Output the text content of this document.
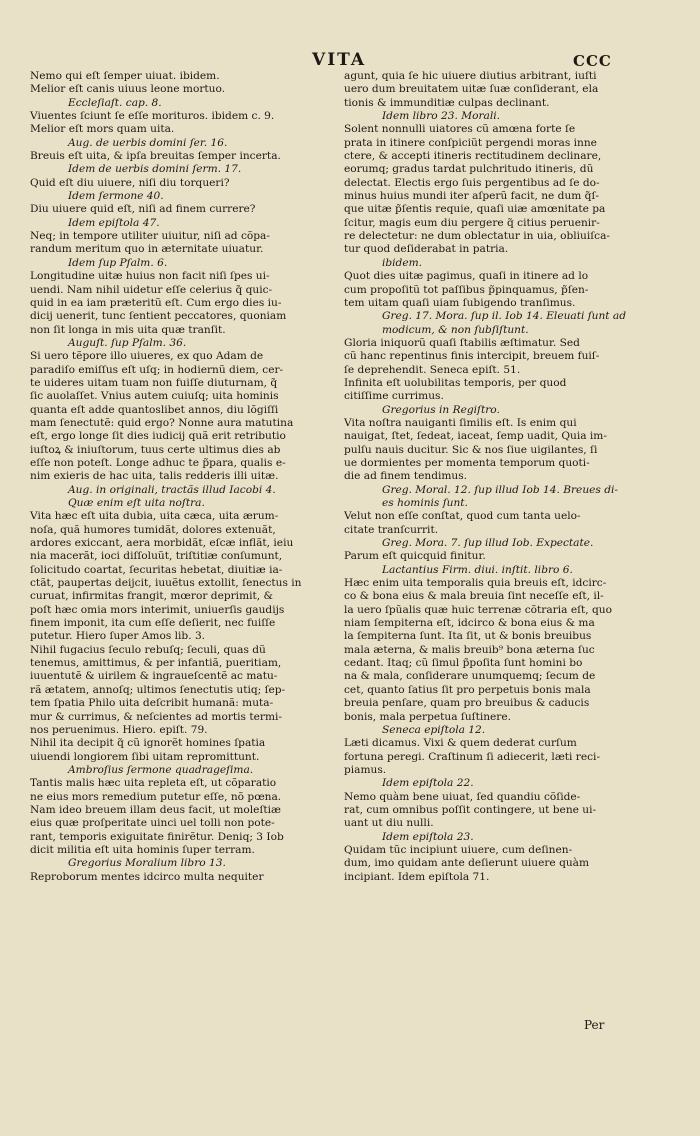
VITA	CCC
Nemo qui eſt ſemper uiuat. ibidem.
Melior eſt canis uiuus leone mortuo.
Eccleſiaſt. cap. 8.
Viuentes ſciunt ſe eſſe morituros. ibidem c. 9.
Melior eſt mors quam uita.
Aug. de uerbis domini ſer. 16.
Breuis eſt uita, & ipſa breuitas ſemper incerta.
Idem de uerbis domini ſerm. 17.
Quid eſt diu uiuere, niſi diu torqueri?
Idem ſermone 40.
Diu uiuere quid eſt, niſi ad finem currere?
Idem epiſtola 47.
Neq; in tempore utiliter uiuitur, niſi ad cõpa-
randum meritum quo in æternitate uiuatur.
Idem ſup Pſalm. 6.
Longitudine uitæ huius non facit niſi ſpes ui-
uendi. Nam nihil uidetur eſſe celerius q̃ quic-
quid in ea iam præteritũ eſt. Cum ergo dies iu-
dicij uenerit, tunc ſentient peccatores, quoniam
non ſit longa in mis uita quæ tranſit.
Auguſt. ſup Pſalm. 36.
Si uero tẽpore illo uiueres, ex quo Adam de
paradiſo emiſſus eſt uſq; in hodiernũ diem, cer-
te uideres uitam tuam non fuiſſe diuturnam, q̃
ſic auolaſſet. Vnius autem cuiuſq; uita hominis
quanta eſt adde quantoslibet annos, diu lõgiſſi
mam ſenectutẽ: quid ergo? Nonne aura matutina
eſt, ergo longe ſit dies iudicij quã erit retributio
iuſtoꝝ & iniuſtorum, tuus certe ultimus dies ab
eſſe non poteſt. Longe adhuc te p̃para, qualis e-
nim exieris de hac uita, talis redderis illi uitæ.
Aug. in originali, tractãs illud Iacobi 4.
Quæ enim eſt uita noſtra.
Vita hæc eſt uita dubia, uita cæca, uita ærum-
noſa, quã humores tumidãt, dolores extenuãt,
ardores exiccant, aera morbidãt, eſcæ inflãt, ieiu
nia macerãt, ioci diſſoluũt, triſtitiæ conſumunt,
ſolicitudo coartat, ſecuritas hebetat, diuitiæ ia-
ctãt, paupertas deijcit, iuuẽtus extollit, ſenectus in
curuat, infirmitas frangit, mœror deprimit, &
poſt hæc omia mors interimit, uniuerſis gaudijs
finem imponit, ita cum eſſe deſierit, nec fuiſſe
putetur. Hiero ſuper Amos lib. 3.
Nihil fugacius ſeculo rebuſq; ſeculi, quas dũ
tenemus, amittimus, & per infantiã, pueritiam,
iuuentutẽ & uirilem & ingraueſcentẽ ac matu-
rã ætatem, annoſq; ultimos ſenectutis utiq; ſep-
tem ſpatia Philo uita deſcribit humanã: muta-
mur & currimus, & neſcientes ad mortis termi-
nos peruenimus. Hiero. epiſt. 79.
Nihil ita decipit q̃ cũ ignorẽt homines ſpatia
uiuendi longiorem ſibi uitam repromittunt.
Ambroſius ſermone quadrageſima.
Tantis malis hæc uita repleta eſt, ut cõparatio
ne eius mors remedium putetur eſſe, nõ pœna.
Nam ideo breuem illam deus facit, ut moleſtiæ
eius quæ proſperitate uinci uel tolli non pote-
rant, temporis exiguitate finirẽtur. Deniq; 3 Iob
dicit militia eſt uita hominis ſuper terram.
Gregorius Moralium libro 13.
Reproborum mentes idcirco multa nequiter
agunt, quia ſe hic uiuere diutius arbitrant, iuſti
uero dum breuitatem uitæ ſuæ conſiderant, ela
tionis & immunditiæ culpas declinant.
Idem libro 23. Morali.
Solent nonnulli uiatores cũ amœna forte ſe
prata in itinere conſpiciũt pergendi moras inne
ctere, & accepti itineris rectitudinem declinare,
eorumq; gradus tardat pulchritudo itineris, dũ
delectat. Electis ergo ſuis pergentibus ad ſe do-
minus huius mundi iter aſperũ facit, ne dum q̃ſ-
que uitæ p̃ſentis requie, quaſi uiæ amœnitate pa
ſcitur, magis eum diu pergere q̃ citius peruenir-
re delectetur: ne dum oblectatur in uia, obliuiſca-
tur quod deſiderabat in patria.
ibidem.
Quot dies uitæ pagimus, quaſi in itinere ad lo
cum propoſitũ tot paſſibus p̃pinquamus, p̃ſen-
tem uitam quaſi uiam ſubigendo tranſimus.
Greg. 17. Mora. ſup il. Iob 14. Eleuati ſunt ad
modicum, & non ſubſiſtunt.
Gloria iniquorũ quaſi ſtabilis æſtimatur. Sed
cũ hanc repentinus finis intercipit, breuem fuiſ-
ſe deprehendit. Seneca epiſt. 51.
Infinita eſt uolubilitas temporis, per quod
citiſſime currimus.
Gregorius in Regiſtro.
Vita noſtra nauiganti ſimilis eſt. Is enim qui
nauigat, ſtet, ſedeat, iaceat, ſemp uadit, Quia im-
pulſu nauis ducitur. Sic & nos ſiue uigilantes, ſi
ue dormientes per momenta temporum quoti-
die ad finem tendimus.
Greg. Moral. 12. ſup illud Iob 14. Breues di-
es hominis ſunt.
Velut non eſſe conſtat, quod cum tanta uelo-
citate tranſcurrit.
Greg. Mora. 7. ſup illud Iob. Expectate.
Parum eſt quicquid finitur.
Lactantius Firm. diui. inſtit. libro 6.
Hæc enim uita temporalis quia breuis eſt, idcirc-
co & bona eius & mala breuia ſint neceſſe eſt, il-
la uero ſpũalis quæ huic terrenæ cõtraria eſt, quo
niam ſempiterna eſt, idcirco & bona eius & ma
la ſempiterna ſunt. Ita ſit, ut & bonis breuibus
mala æterna, & malis breuib⁹ bona æterna ſuc
cedant. Itaq; cũ ſimul p̃poſita ſunt homini bo
na & mala, conſiderare unumquemq; ſecum de
cet, quanto ſatius ſit pro perpetuis bonis mala
breuia penſare, quam pro breuibus & caducis
bonis, mala perpetua ſuſtinere.
Seneca epiſtola 12.
Læti dicamus. Vixi & quem dederat curſum
fortuna peregi. Craſtinum ſi adiecerit, læti reci-
piamus.
Idem epiſtola 22.
Nemo quàm bene uiuat, ſed quandiu cõſide-
rat, cum omnibus poſſit contingere, ut bene ui-
uant ut diu nulli.
Idem epiſtola 23.
Quidam tũc incipiunt uiuere, cum deſinen-
dum, imo quidam ante deſierunt uiuere quàm
incipiant. Idem epiſtola 71.
Per
